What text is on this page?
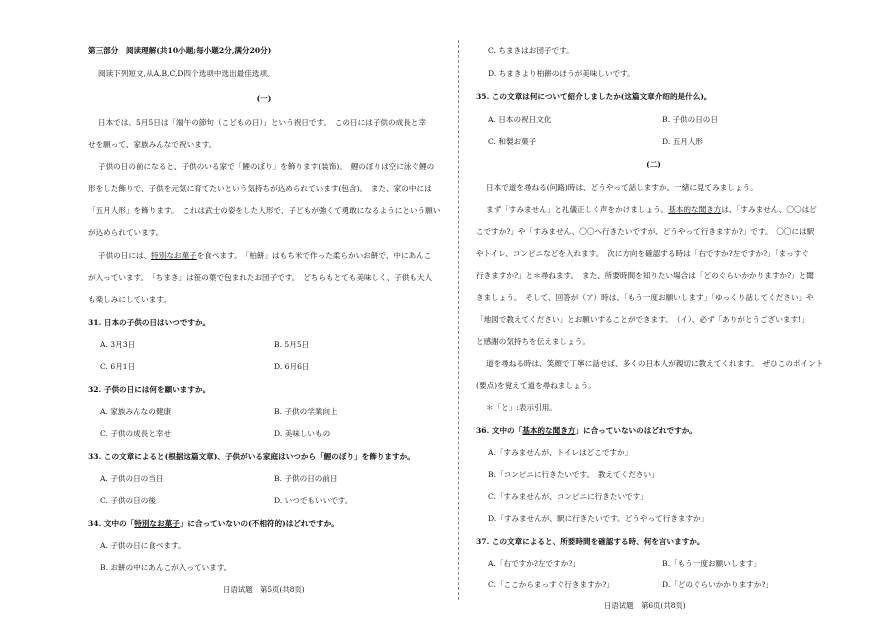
第三部分　阅读理解(共10小题;每小题2分,满分20分)
阅读下列短文,从A,B,C,D四个选项中选出最佳选项。
(一)
日本では、5月5日は「端午の節句（こどもの日）」という祝日です。　この日には子供の成長と幸
せを願って、家族みんなで祝います。
子供の日の前になると、子供のいる家で「鯉のぼり」を飾ります(装饰)。　鯉のぼりは空に泳ぐ鯉の
形をした飾りで、子供を元気に育てたいという気持ちが込められています(包含)。　また、家の中には
「五月人形」を飾ります。　これは武士の姿をした人形で、子どもが強くて勇敢になるようにという願い
が込められています。
子供の日には、特別なお菓子を食べます。　「柏餅」はもち米で作った柔らかいお餅で、中にあんこ
が入っています。　「ちまき」は笹の葉で包まれたお団子です。　どちらもとても美味しく、子供も大人
も楽しみにしています。
31. 日本の子供の日はいつですか。
A. 3月3日	B. 5月5日
C. 6月1日	D. 6月6日
32. 子供の日には何を願いますか。
A. 家族みんなの健康	B. 子供の学業向上
C. 子供の成長と幸せ	D. 美味しいもの
33. この文章によると(根据这篇文章)、子供がいる家庭はいつから「鯉のぼり」を飾りますか。
A. 子供の日の当日	B. 子供の日の前日
C. 子供の日の後	D. いつでもいいです。
34. 文中の「特別なお菓子」に合っていないの(不相符的)はどれですか。
A. 子供の日に食べます。
B. お餅の中にあんこが入っています。
日语试题　第5页(共8页)
C. ちまきはお団子です。
D. ちまきより柏餅のほうが美味しいです。
35. この文章は何について紹介しましたか(这篇文章介绍的是什么)。
A. 日本の祝日文化	B. 子供の日の日
C. 和製お菓子	D. 五月人形
(二)
日本で道を尋ねる(问路)時は、どうやって話しますか。一緒に見てみましょう。
まず「すみません」と礼儀正しく声をかけましょう。基本的な聞き方は、「すみません、〇〇はど
こですか?」や「すみません、〇〇へ行きたいですが、どうやって行きますか?」です。　〇〇には駅
やトイレ、コンビニなどを入れます。　次に方向を確認する時は「右ですか?左ですか?」「まっすぐ
行きますか?」と＊尋ねます。　また、所要時間を知りたい場合は「どのぐらいかかりますか?」と聞
きましょう。　そして、回答が（ア）時は、「もう一度お願いします」「ゆっくり話してください」や
「地図で教えてください」とお願いすることができます。　（イ）、必ず「ありがとうございます!」
と感謝の気持ちを伝えましょう。
道を尋ねる時は、笑顔で丁寧に話せば、多くの日本人が親切に教えてくれます。　ぜひこのポイント
(要点)を覚えて道を尋ねましょう。
＊「と」:表示引用。
36. 文中の「基本的な聞き方」に合っていないのはどれですか。
A.「すみませんが、トイレはどこですか」
B.「コンビニに行きたいです。　教えてください」
C.「すみませんが、コンビニに行きたいです」
D.「すみませんが、駅に行きたいです。どうやって行きますか」
37. この文章によると、所要時間を確認する時、何を言いますか。
A.「右ですか?左ですか?」	B.「もう一度お願いします」
C.「ここからまっすぐ行きますか?」	D.「どのぐらいかかりますか?」
日语试题　第6页(共8页)
